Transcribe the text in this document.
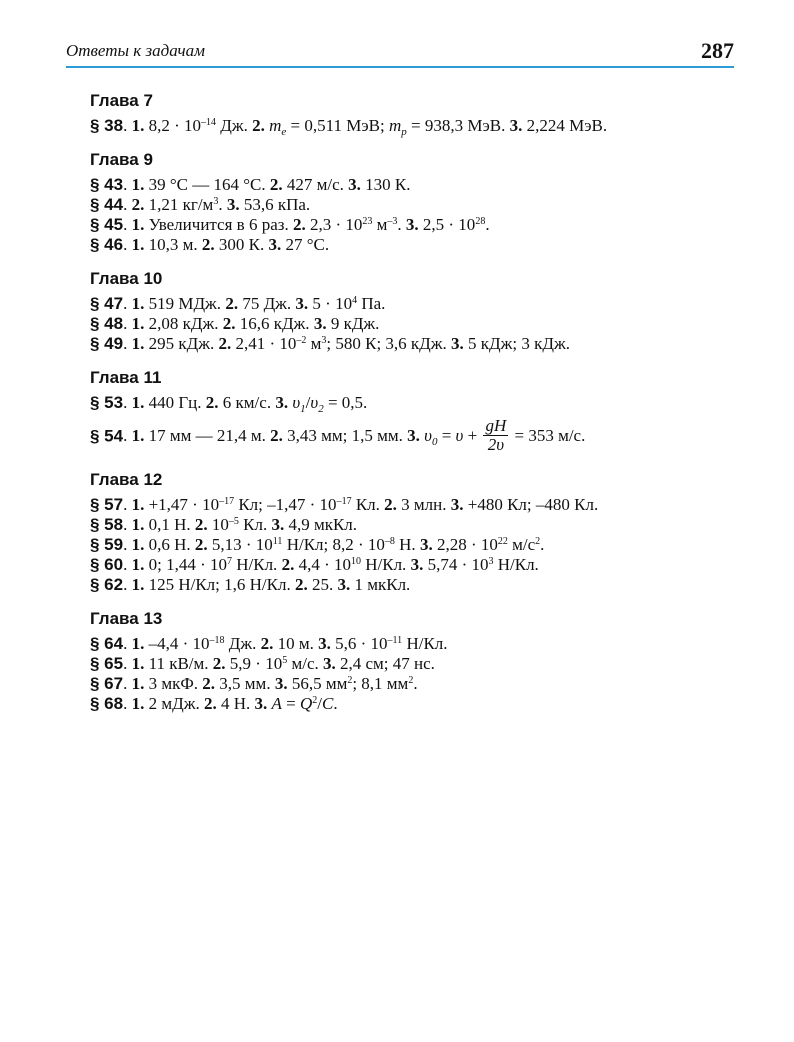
Ответы к задачам	287
Глава 7
§ 38. 1. $8,2 \cdot 10^{-14}$ Дж. 2. $m_e = 0,511$ МэВ; $m_p = 938,3$ МэВ. 3. 2,224 МэВ.
Глава 9
§ 43. 1. 39 °С — 164 °С. 2. 427 м/с. 3. 130 К.
§ 44. 2. 1,21 $кг/м^3$. 3. 53,6 кПа.
§ 45. 1. Увеличится в 6 раз. 2. $2,3 \cdot 10^{23}$ $м^{-3}$. 3. $2,5 \cdot 10^{28}$.
§ 46. 1. 10,3 м. 2. 300 К. 3. 27 °С.
Глава 10
§ 47. 1. 519 МДж. 2. 75 Дж. 3. $5 \cdot 10^4$ Па.
§ 48. 1. 2,08 кДж. 2. 16,6 кДж. 3. 9 кДж.
§ 49. 1. 295 кДж. 2. $2,41 \cdot 10^{-2}$ $м^3$; 580 К; 3,6 кДж. 3. 5 кДж; 3 кДж.
Глава 11
§ 53. 1. 440 Гц. 2. 6 км/с. 3. $\upsilon_1/\upsilon_2 = 0,5$.
§ 54. 1. 17 мм — 21,4 м. 2. 3,43 мм; 1,5 мм. 3. $\upsilon_0 = \upsilon + \frac{gH}{2\upsilon} = 353$ м/с.
Глава 12
§ 57. 1. $+1,47 \cdot 10^{-17}$ Кл; $-1,47 \cdot 10^{-17}$ Кл. 2. 3 млн. 3. +480 Кл; –480 Кл.
§ 58. 1. 0,1 Н. 2. $10^{-5}$ Кл. 3. 4,9 мкКл.
§ 59. 1. 0,6 Н. 2. $5,13 \cdot 10^{11}$ Н/Кл; $8,2 \cdot 10^{-8}$ Н. 3. $2,28 \cdot 10^{22}$ $м/с^2$.
§ 60. 1. 0; $1,44 \cdot 10^7$ Н/Кл. 2. $4,4 \cdot 10^{10}$ Н/Кл. 3. $5,74 \cdot 10^3$ Н/Кл.
§ 62. 1. 125 Н/Кл; 1,6 Н/Кл. 2. 25. 3. 1 мкКл.
Глава 13
§ 64. 1. $-4,4 \cdot 10^{-18}$ Дж. 2. 10 м. 3. $5,6 \cdot 10^{-11}$ Н/Кл.
§ 65. 1. 11 кВ/м. 2. $5,9 \cdot 10^5$ м/с. 3. 2,4 см; 47 нс.
§ 67. 1. 3 мкФ. 2. 3,5 мм. 3. 56,5 $мм^2$; 8,1 $мм^2$.
§ 68. 1. 2 мДж. 2. 4 Н. 3. $A = Q^2/C$.
